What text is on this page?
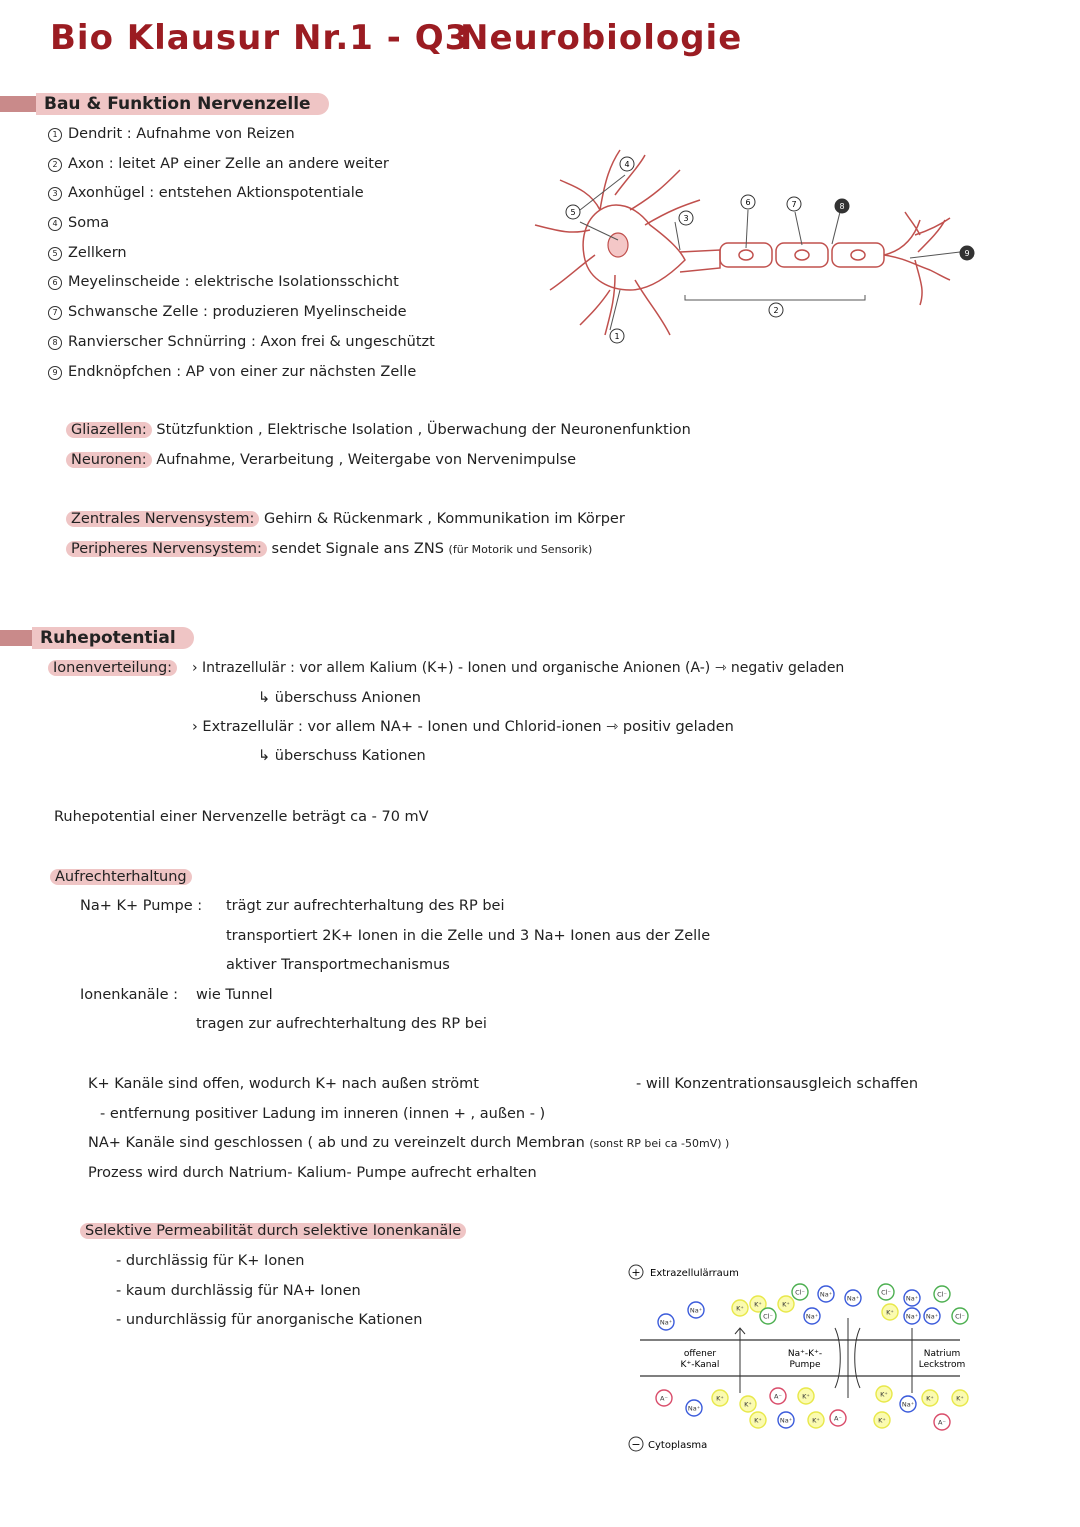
Bio Klausur Nr.1 - Q3
Neurobiologie
Bau & Funktion Nervenzelle
1 Dendrit : Aufnahme von Reizen
2 Axon : leitet AP einer Zelle an andere weiter
3 Axonhügel : entstehen Aktionspotentiale
4 Soma
5 Zellkern
6 Meyelinscheide : elektrische Isolationsschicht
7 Schwansche Zelle : produzieren Myelinscheide
8 Ranvierscher Schnürring : Axon frei & ungeschützt
9 Endknöpfchen : AP von einer zur nächsten Zelle
4
5
3
6	7	8
9
2
1
Gliazellen: Stützfunktion , Elektrische Isolation , Überwachung der Neuronenfunktion
Neuronen: Aufnahme, Verarbeitung , Weitergabe von Nervenimpulse
Zentrales Nervensystem: Gehirn & Rückenmark , Kommunikation im Körper
Peripheres Nervensystem: sendet Signale ans ZNS (für Motorik und Sensorik)
Ruhepotential
Ionenverteilung:	› Intrazellulär : vor allem Kalium (K+) - Ionen und organische Anionen (A-) ⇾ negativ geladen
↳ überschuss Anionen
› Extrazellulär : vor allem NA+ - Ionen und Chlorid-ionen ⇾ positiv geladen
↳ überschuss Kationen
Ruhepotential einer Nervenzelle beträgt ca - 70 mV
Aufrechterhaltung
Na+ K+ Pumpe : trägt zur aufrechterhaltung des RP bei
transportiert 2K+ Ionen in die Zelle und 3 Na+ Ionen aus der Zelle
aktiver Transportmechanismus
Ionenkanäle : wie Tunnel
tragen zur aufrechterhaltung des RP bei
K+ Kanäle sind offen, wodurch K+ nach außen strömt	- will Konzentrationsausgleich schaffen
- entfernung positiver Ladung im inneren (innen + , außen - )
NA+ Kanäle sind geschlossen ( ab und zu vereinzelt durch Membran (sonst RP bei ca -50mV) )
Prozess wird durch Natrium- Kalium- Pumpe aufrecht erhalten
Selektive Permeabilität durch selektive Ionenkanäle
- durchlässig für K+ Ionen
- kaum durchlässig für NA+ Ionen
- undurchlässig für anorganische Kationen
+ Extrazellulärraum
− Cytoplasma
offener
K⁺-Kanal
Na⁺-K⁺-
Pumpe
Natrium
Leckstrom
Na⁺
Na⁺	K⁺ K⁺
Cl⁻
K⁺
Na⁺
Cl⁻ Na⁺ Na⁺
Cl⁻
Na⁺	Cl⁻
Na⁺ Na⁺	Cl⁻
K⁺
A⁻
Na⁺
K⁺
K⁺
K⁺
A⁻
Na⁺
K⁺
K⁺ A⁻
K⁺
Na⁺
K⁺
A⁻
K⁺
K⁺
